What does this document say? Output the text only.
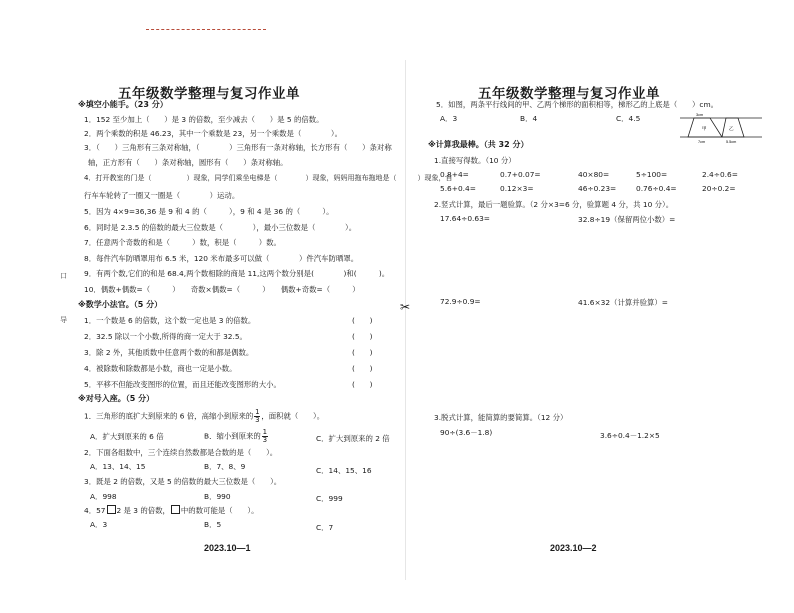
✂
口
导
五年级数学整理与复习作业单
※填空小能手。（23 分）
1．152 至少加上（　　）是 3 的倍数，至少减去（　　）是 5 的倍数。
2．两个乘数的积是 46.23，其中一个乘数是 23，另一个乘数是（　　　　）。
3．（　　）三角形有三条对称轴，（　　　　）三角形有一条对称轴，长方形有（　　）条对称
轴，正方形有（　　）条对称轴，圆形有（　　）条对称轴。
4．打开教室的门是（　　　　　）现象，同学们乘坐电梯是（　　　　）现象，妈妈用拖布拖地是（　　　）现象，自
行车车轮转了一圈又一圈是（　　　　）运动。
5．因为 4×9=36,36 是 9 和 4 的（　　　），9 和 4 是 36 的（　　　）。
6．同时是 2.3.5 的倍数的最大三位数是（　　　　），最小三位数是（　　　　）。
7．任意两个奇数的和是（　　　）数，积是（　　　）数。
8．每件汽车防晒罩用布 6.5 米，120 米布最多可以做（　　　　）件汽车防晒罩。
9．有两个数,它们的和是 68.4,两个数相除的商是 11,这两个数分别是(　　　　)和(　　　)。
10．偶数+偶数=（　　　）　　奇数×偶数=（　　　）　　偶数+奇数=（　　　）
※数学小法官。（5 分）
1．一个数是 6 的倍数，这个数一定也是 3 的倍数。	(　　)
2．32.5 除以一个小数,所得的商一定大于 32.5。	(　　)
3．除 2 外，其他质数中任意两个数的和都是偶数。	(　　)
4．被除数和除数都是小数，商也一定是小数。	(　　)
5．平移不但能改变图形的位置，而且还能改变图形的大小。	(　　)
※对号入座。（5 分）
1．三角形的底扩大到原来的 6 倍，高缩小到原来的 $\frac{1}{3}$ ，面积就（　　）。
A．扩大到原来的 6 倍	B．缩小到原来的 $\frac{1}{3}$	C．扩大到原来的 2 倍
2．下面各组数中，三个连续自然数都是合数的是（　　）。
A．13、14、15	B．7、8、9	C．14、15、16
3．既是 2 的倍数，又是 5 的倍数的最大三位数是（　　）。
A．998	B．990	C．999
4．57 2 是 3 的倍数， 中的数可能是（　　）。
A．3	B．5	C．7
2023.10—1
五年级数学整理与复习作业单
5．如图，两条平行线间的甲、乙两个梯形的面积相等，梯形乙的上底是（　　）cm。
A．3	B．4	C．4.5	3cm
甲	乙
7cm	5.5cm
※计算我最棒。（共 32 分）
1.直接写得数。（10 分）
0.8+4=	0.7+0.07=	40×80=	5÷100=	2.4÷0.6=
5.6+0.4=	0.12×3=	46÷0.23=	0.76÷0.4=	20÷0.2=
2.竖式计算，最后一题验算。（2 分×3=6 分，验算题 4 分，共 10 分）。
17.64÷0.63=	32.8÷19（保留两位小数）=
72.9÷0.9=	41.6×32（计算并验算）=
3.脱式计算，能简算的要简算。（12 分）
90÷(3.6－1.8)	3.6÷0.4－1.2×5
2023.10—2
